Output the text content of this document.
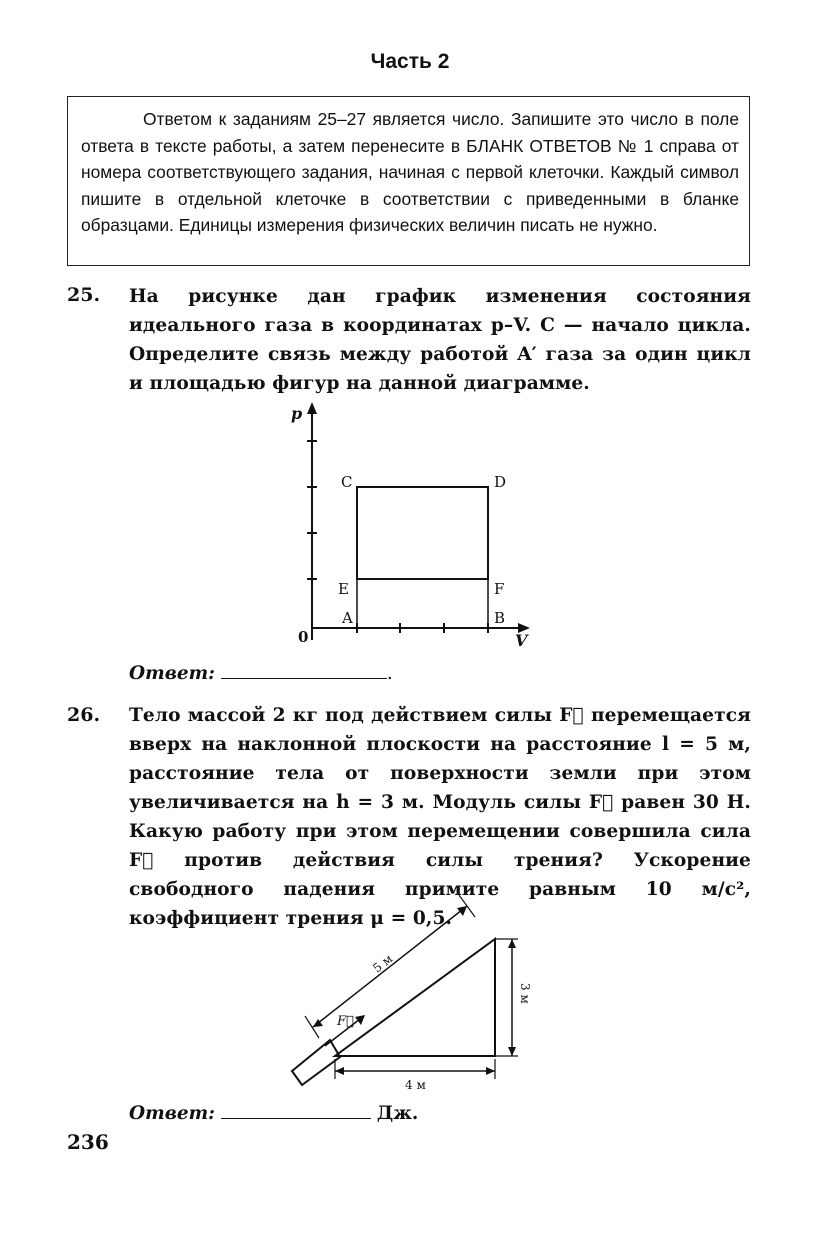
Часть 2
Ответом к заданиям 25–27 является число. Запишите это число в поле ответа в тексте работы, а затем перенесите в БЛАНК ОТВЕТОВ № 1 справа от номера соответствующего задания, начиная с первой клеточки. Каждый символ пишите в отдельной клеточке в соответствии с приведенными в бланке образцами. Единицы измерения физических величин писать не нужно.
25. На рисунке дан график изменения состояния идеального газа в координатах p–V. C — начало цикла. Определите связь между работой A′ газа за один цикл и площадью фигур на данной диаграмме.
p
V
0
C	D
E	F
A	B
Ответ:	.
26. Тело массой 2 кг под действием силы F⃗ перемещается вверх на наклонной плоскости на расстояние l = 5 м, расстояние тела от поверхности земли при этом увеличивается на h = 3 м. Модуль силы F⃗ равен 30 Н. Какую работу при этом перемещении совершила сила F⃗ против действия силы трения? Ускорение свободного падения примите равным 10 м/с², коэффициент трения μ = 0,5.
5 м
3 м
4 м
F⃗
Ответ:	Дж.
236
